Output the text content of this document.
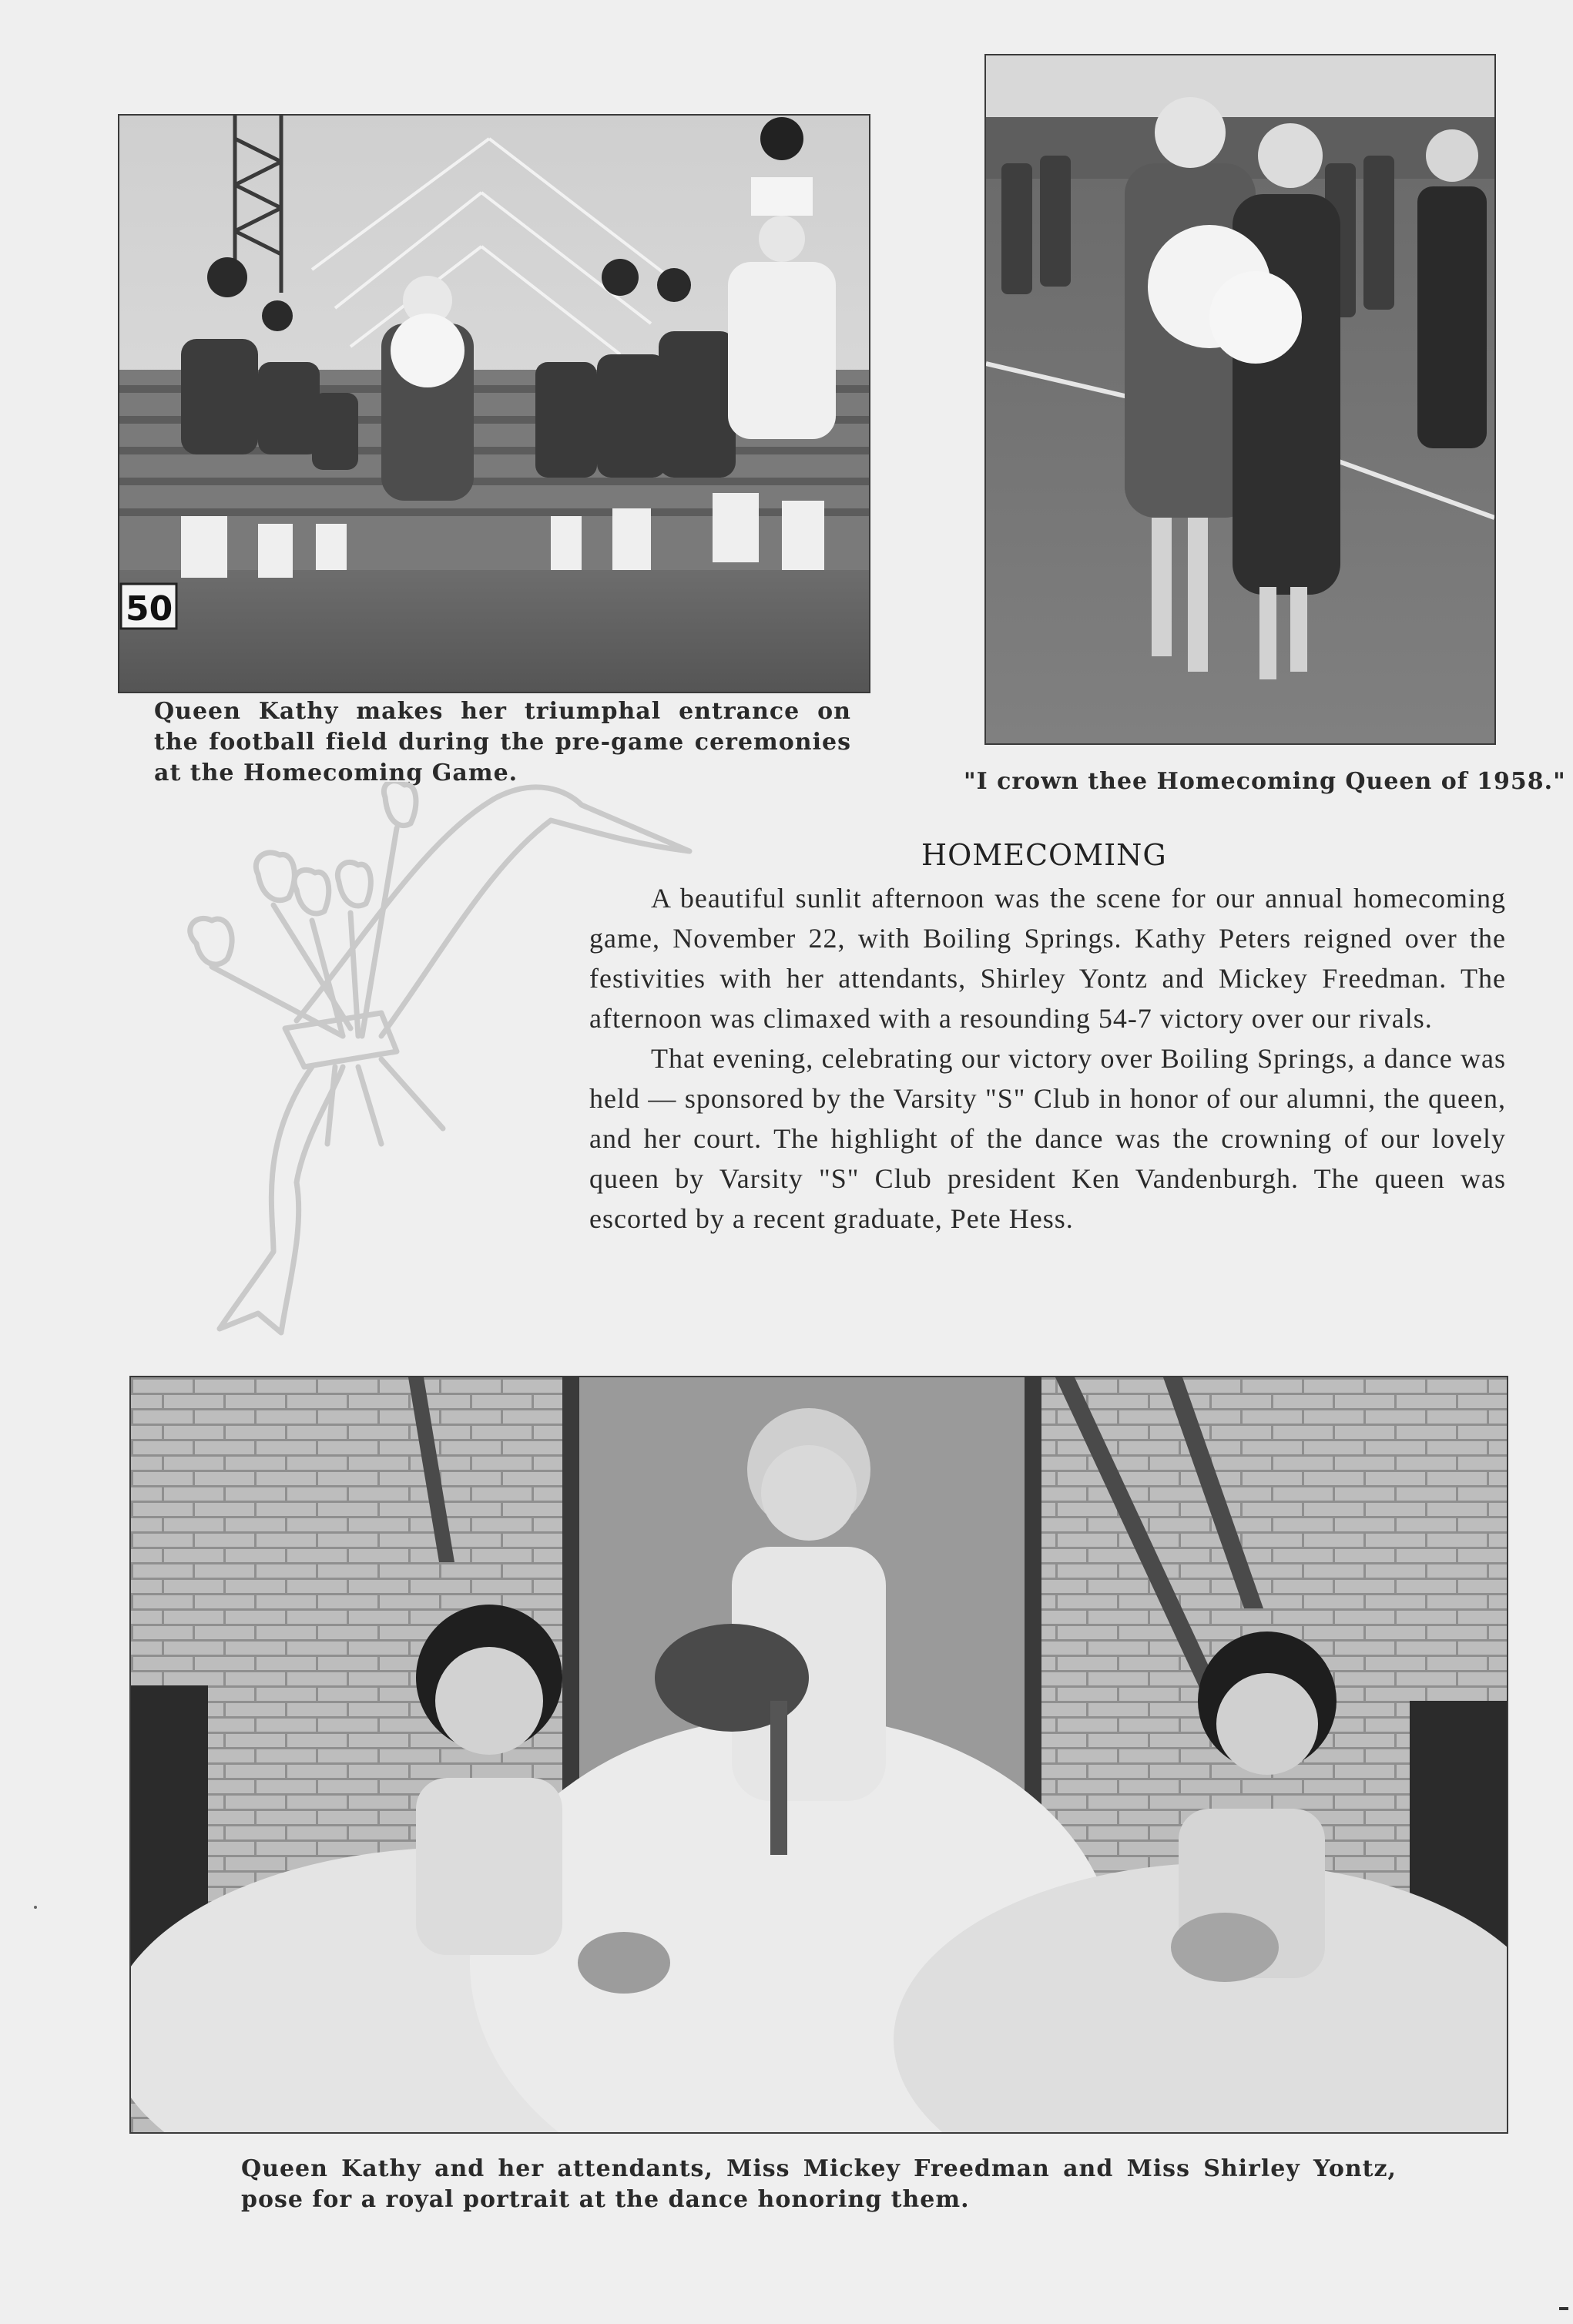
50

Queen Kathy makes her triumphal entrance on the football field during the pre-game ceremonies at the Homecoming Game.	"I crown thee Homecoming Queen of 1958."

HOMECOMING

A beautiful sunlit afternoon was the scene for our annual homecoming game, November 22, with Boiling Springs. Kathy Peters reigned over the festivities with her attendants, Shirley Yontz and Mickey Freedman. The afternoon was climaxed with a resounding 54-7 victory over our rivals.

That evening, celebrating our victory over Boiling Springs, a dance was held — sponsored by the Varsity "S" Club in honor of our alumni, the queen, and her court. The highlight of the dance was the crowning of our lovely queen by Varsity "S" Club president Ken Vandenburgh. The queen was escorted by a recent graduate, Pete Hess.

Queen Kathy and her attendants, Miss Mickey Freedman and Miss Shirley Yontz, pose for a royal portrait at the dance honoring them.
